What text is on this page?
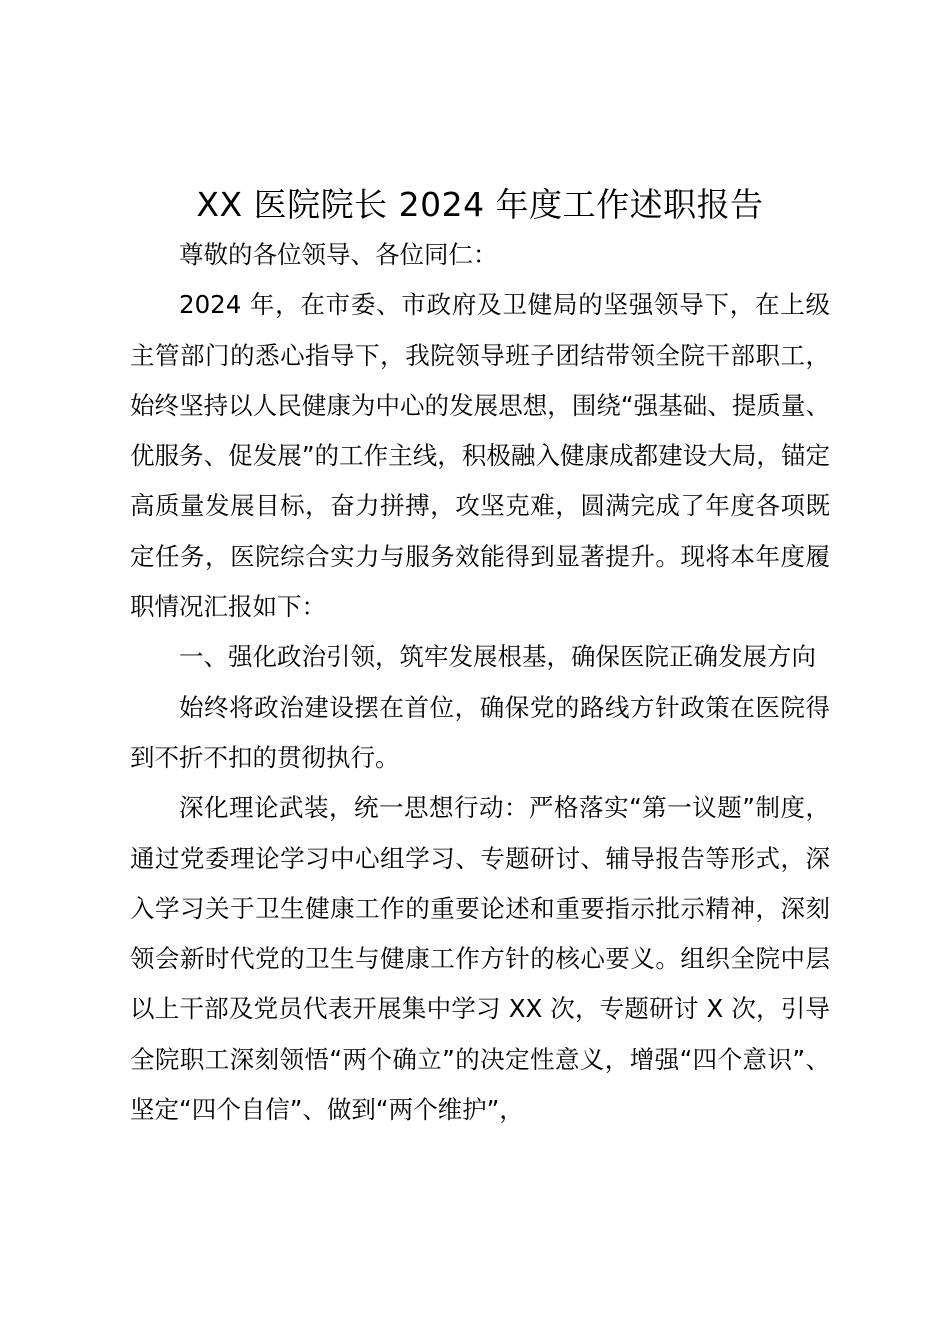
XX 医院院长 2024 年度工作述职报告

尊敬的各位领导、各位同仁：

2024 年，在市委、市政府及卫健局的坚强领导下，在上级主管部门的悉心指导下，我院领导班子团结带领全院干部职工，始终坚持以人民健康为中心的发展思想，围绕“强基础、提质量、优服务、促发展”的工作主线，积极融入健康成都建设大局，锚定高质量发展目标，奋力拼搏，攻坚克难，圆满完成了年度各项既定任务，医院综合实力与服务效能得到显著提升。现将本年度履职情况汇报如下：

一、强化政治引领，筑牢发展根基，确保医院正确发展方向

始终将政治建设摆在首位，确保党的路线方针政策在医院得到不折不扣的贯彻执行。

深化理论武装，统一思想行动：严格落实“第一议题”制度，通过党委理论学习中心组学习、专题研讨、辅导报告等形式，深入学习关于卫生健康工作的重要论述和重要指示批示精神，深刻领会新时代党的卫生与健康工作方针的核心要义。组织全院中层以上干部及党员代表开展集中学习 XX 次，专题研讨 X 次，引导全院职工深刻领悟“两个确立”的决定性意义，增强“四个意识”、坚定“四个自信”、做到“两个维护”，
